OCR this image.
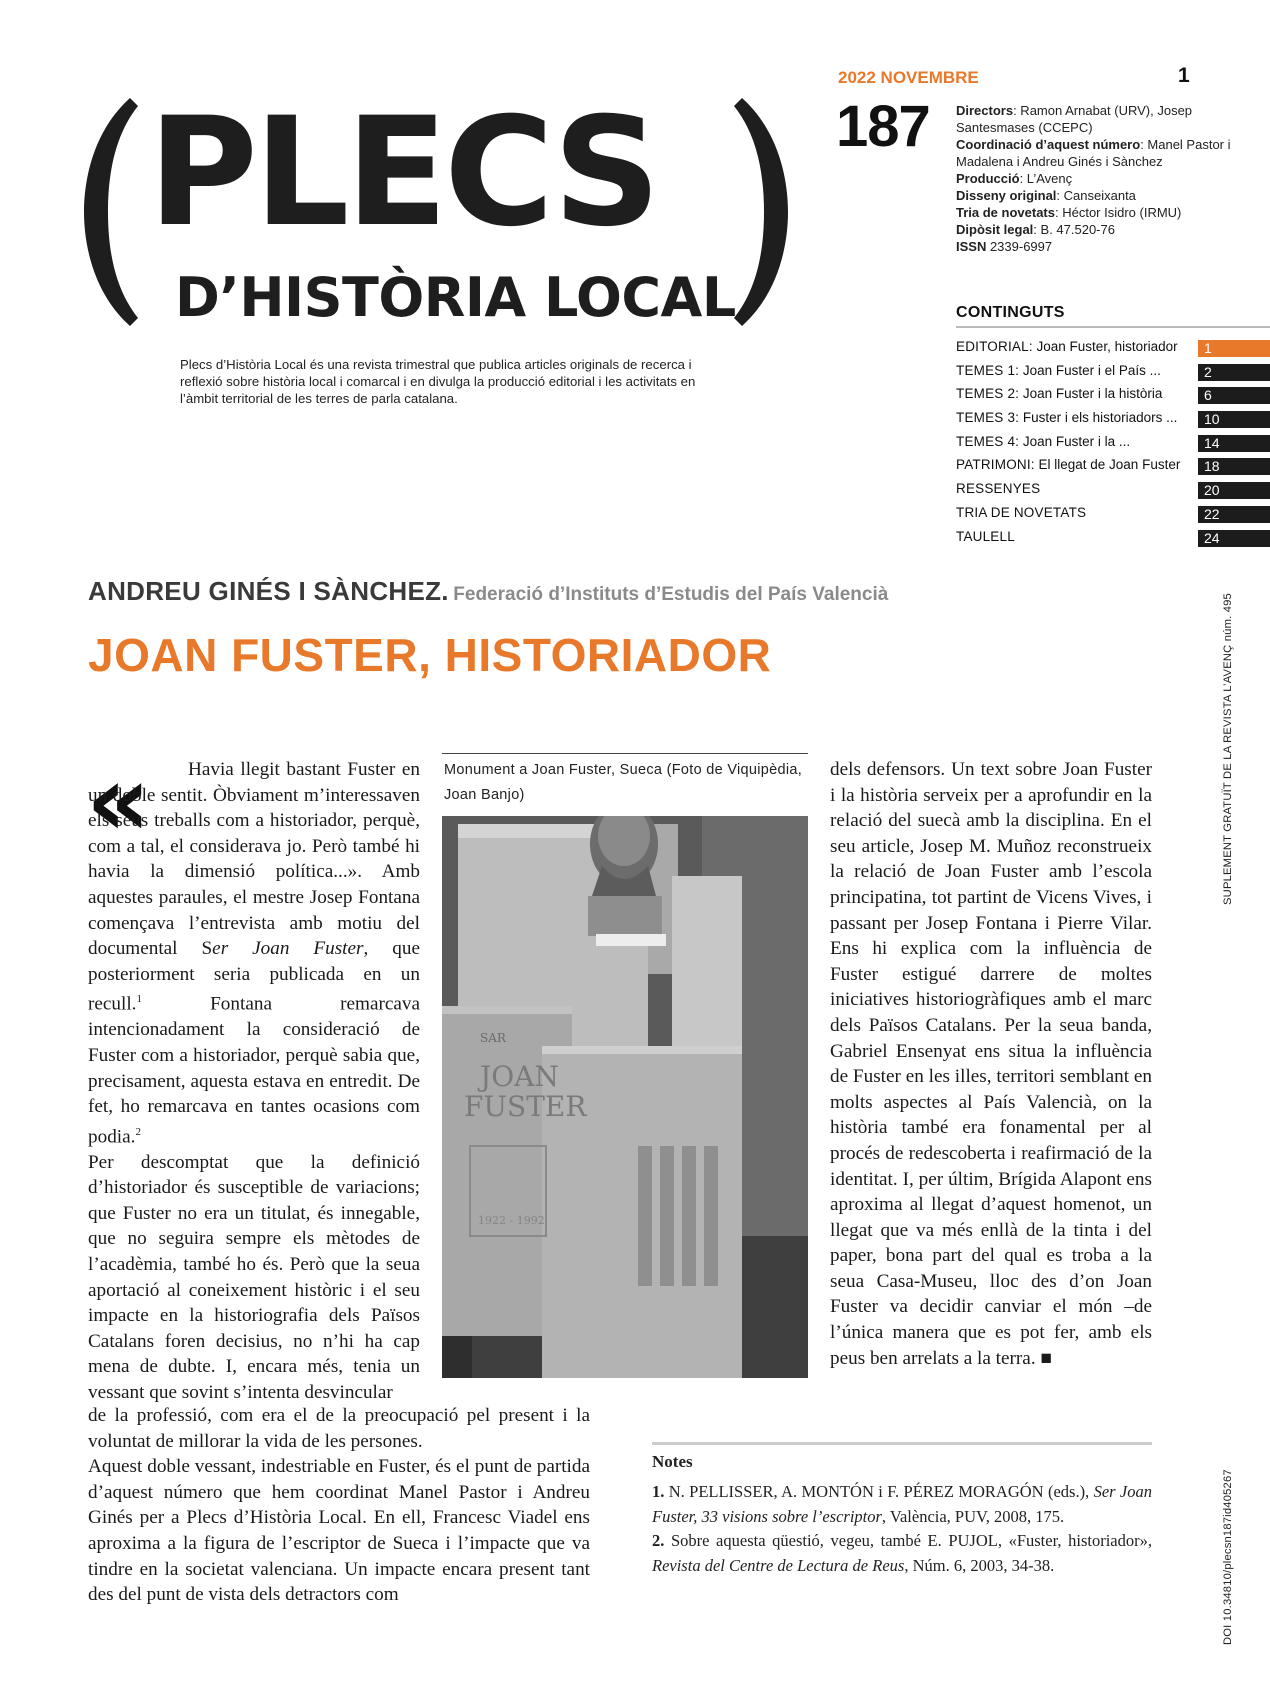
PLECS
D’HISTÒRIA LOCAL
Plecs d’Història Local és una revista trimestral que publica articles originals de recerca i reflexió sobre història local i comarcal i en divulga la producció editorial i les activitats en l’àmbit territorial de les terres de parla catalana.
2022 NOVEMBRE	1
187 Directors: Ramon Arnabat (URV), Josep Santesmases (CCEPC)

Coordinació d’aquest número: Manel Pastor i Madalena i Andreu Ginés i Sànchez

Producció: L’Avenç

Disseny original: Canseixanta

Tria de novetats: Héctor Isidro (IRMU)

Dipòsit legal: B. 47.520-76

ISSN 2339-6997

CONTINGUTS
EDITORIAL: Joan Fuster, historiador	1
TEMES 1: Joan Fuster i el País ...	2
TEMES 2: Joan Fuster i la història	6
TEMES 3: Fuster i els historiadors ...	10
TEMES 4: Joan Fuster i la ...	14
PATRIMONI: El llegat de Joan Fuster	18
RESSENYES	20
TRIA DE NOVETATS	22
TAULELL	24
ANDREU GINÉS I SÀNCHEZ. Federació d’Instituts d’Estudis del País Valencià
JOAN FUSTER, HISTORIADOR	SUPLEMENT GRATUÏT DE LA REVISTA L’AVENÇ núm. 495
DOI 10.34810/plecsn187id405267
«	Havia llegit bastant Fuster en un doble sentit. Òbviament m’interessaven els seus treballs com a historiador, perquè, com a tal, el considerava jo. Però també hi havia la dimensió política...». Amb aquestes paraules, el mestre Josep Fontana començava l’entrevista amb motiu del documental Ser Joan Fuster, que posteriorment seria publicada en un recull.$^1$ Fontana remarcava intencionadament la consideració de Fuster com a historiador, perquè sabia que, precisament, aquesta estava en entredit. De fet, ho remarcava en tantes ocasions com podia.$^2$

Per descomptat que la definició d’historiador és susceptible de variacions; que Fuster no era un titulat, és innegable, que no seguira sempre els mètodes de l’acadèmia, també ho és. Però que la seua aportació al coneixement històric i el seu impacte en la historiografia dels Països Catalans foren decisius, no n’hi ha cap mena de dubte. I, encara més, tenia un vessant que sovint s’intenta desvincular

de la professió, com era el de la preocupació pel present i la voluntat de millorar la vida de les persones.

Aquest doble vessant, indestriable en Fuster, és el punt de partida d’aquest número que hem coordinat Manel Pastor i Andreu Ginés per a Plecs d’Història Local. En ell, Francesc Viadel ens aproxima a la figura de l’escriptor de Sueca i l’impacte que va tindre en la societat valenciana. Un impacte encara present tant des del punt de vista dels detractors com

Monument a Joan Fuster, Sueca (Foto de Viquipèdia, Joan Banjo)
SAR
JOAN
FUSTER
1922 - 1992

dels defensors. Un text sobre Joan Fuster i la història serveix per a aprofundir en la relació del suecà amb la disciplina. En el seu article, Josep M. Muñoz reconstrueix la relació de Joan Fuster amb l’escola principatina, tot partint de Vicens Vives, i passant per Josep Fontana i Pierre Vilar. Ens hi explica com la influència de Fuster estigué darrere de moltes iniciatives historiogràfiques amb el marc dels Països Catalans. Per la seua banda, Gabriel Ensenyat ens situa la influència de Fuster en les illes, territori semblant en molts aspectes al País Valencià, on la història també era fonamental per al procés de redescoberta i reafirmació de la identitat. I, per últim, Brígida Alapont ens aproxima al llegat d’aquest homenot, un llegat que va més enllà de la tinta i del paper, bona part del qual es troba a la seua Casa-Museu, lloc des d’on Joan Fuster va decidir canviar el món –de l’única manera que es pot fer, amb els peus ben arrelats a la terra. ■

Notes

1. N. PELLISSER, A. MONTÓN i F. PÉREZ MORAGÓN (eds.), Ser Joan Fuster, 33 visions sobre l’escriptor, València, PUV, 2008, 175.

2. Sobre aquesta qüestió, vegeu, també E. PUJOL, «Fuster, historiador», Revista del Centre de Lectura de Reus, Núm. 6, 2003, 34-38.
